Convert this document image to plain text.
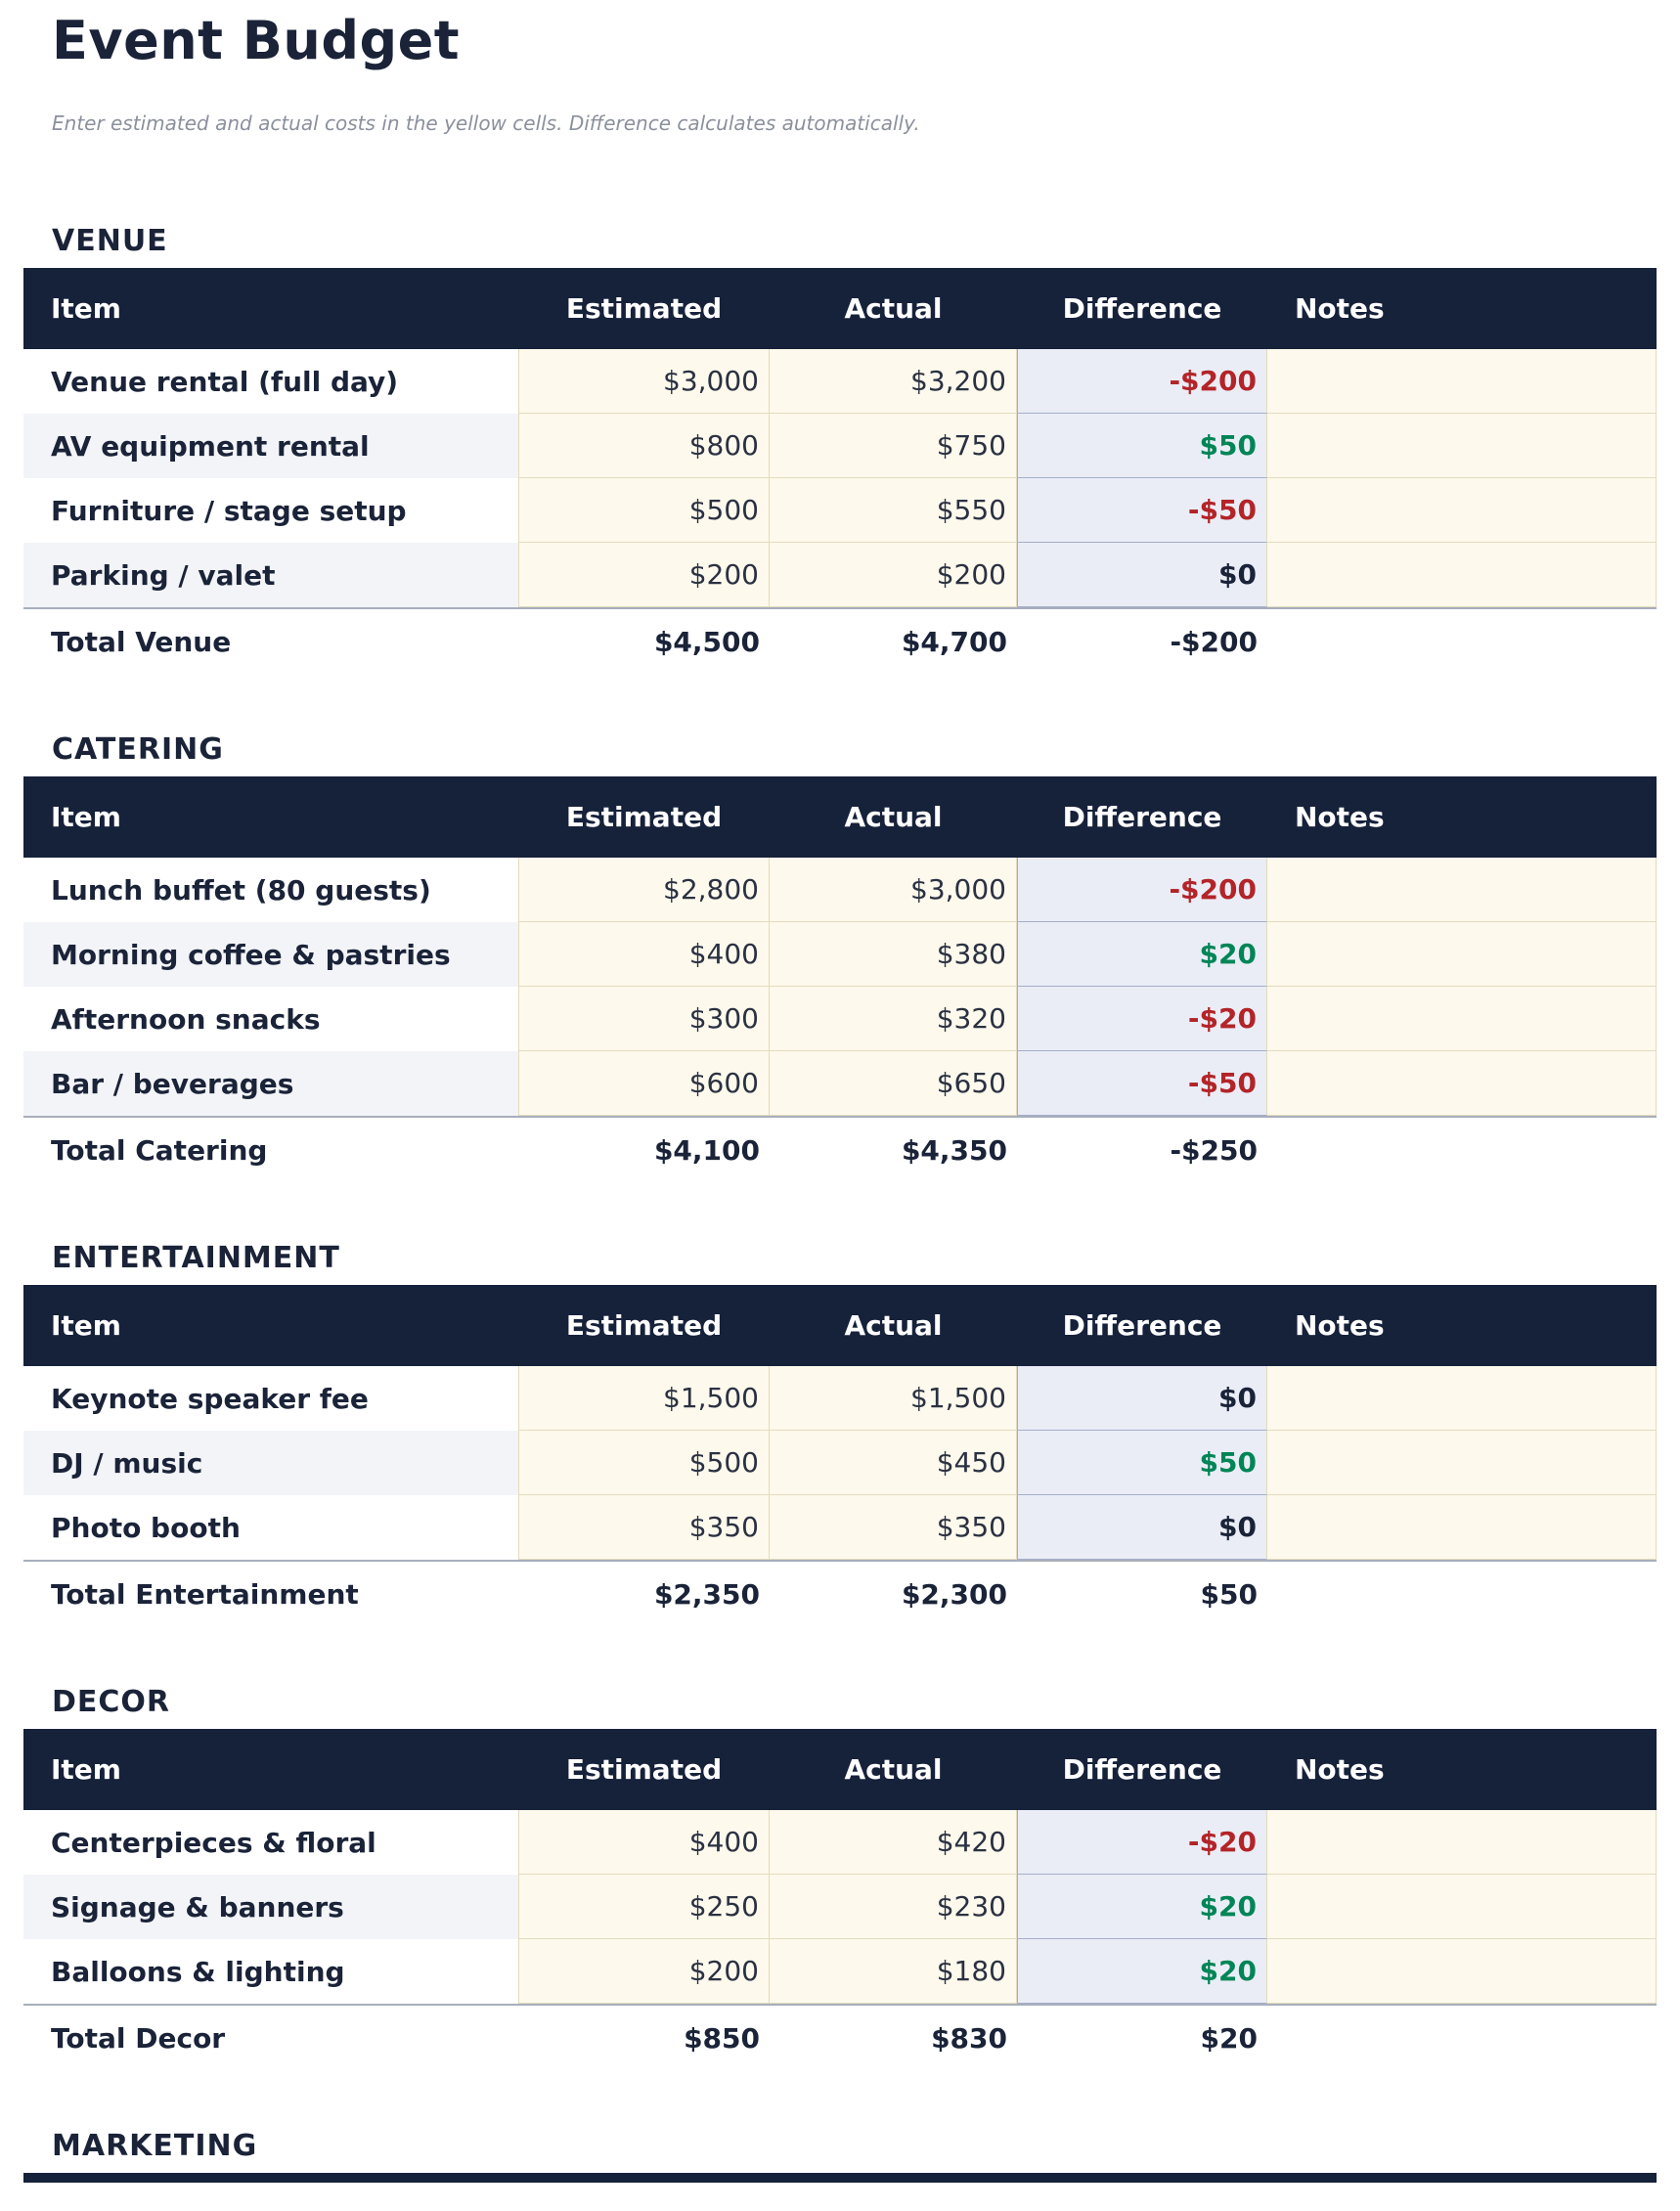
Event Budget

Enter estimated and actual costs in the yellow cells. Difference calculates automatically.

VENUE
Item	Estimated	Actual	Difference	Notes
Venue rental (full day)	$3,000	$3,200	-$200	
AV equipment rental	$800	$750	$50	
Furniture / stage setup	$500	$550	-$50	
Parking / valet	$200	$200	$0	
Total Venue	$4,500	$4,700	-$200	
CATERING
Item	Estimated	Actual	Difference	Notes
Lunch buffet (80 guests)	$2,800	$3,000	-$200	
Morning coffee & pastries	$400	$380	$20	
Afternoon snacks	$300	$320	-$20	
Bar / beverages	$600	$650	-$50	
Total Catering	$4,100	$4,350	-$250	
ENTERTAINMENT
Item	Estimated	Actual	Difference	Notes
Keynote speaker fee	$1,500	$1,500	$0	
DJ / music	$500	$450	$50	
Photo booth	$350	$350	$0	
Total Entertainment	$2,350	$2,300	$50	
DECOR
Item	Estimated	Actual	Difference	Notes
Centerpieces & floral	$400	$420	-$20	
Signage & banners	$250	$230	$20	
Balloons & lighting	$200	$180	$20	
Total Decor	$850	$830	$20	
MARKETING
